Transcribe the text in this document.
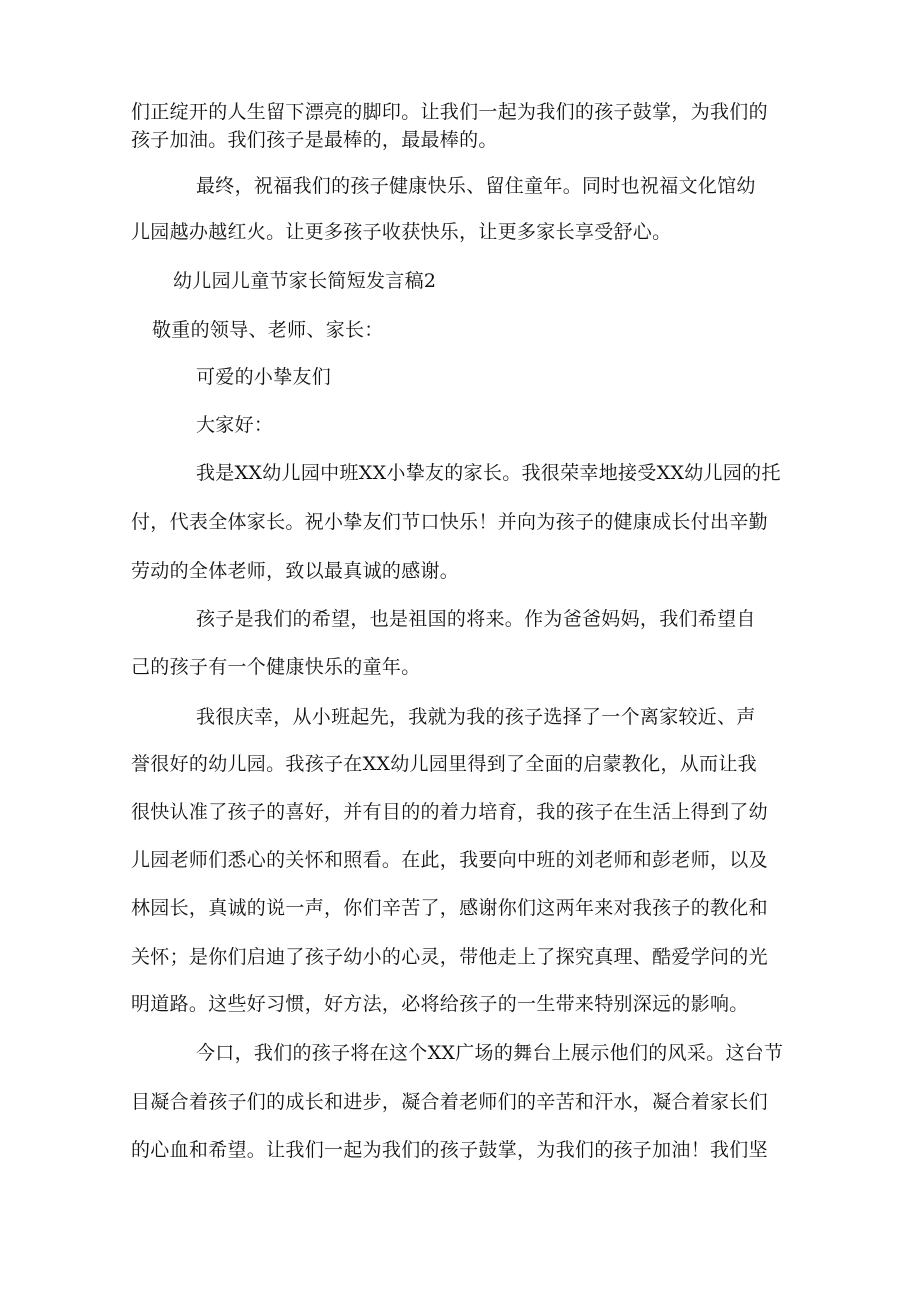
们正绽开的人生留下漂亮的脚印。让我们一起为我们的孩子鼓掌，为我们的
孩子加油。我们孩子是最棒的，最最棒的。
最终，祝福我们的孩子健康快乐、留住童年。同时也祝福文化馆幼
儿园越办越红火。让更多孩子收获快乐，让更多家长享受舒心。
幼儿园儿童节家长简短发言稿2
敬重的领导、老师、家长：
可爱的小挚友们
大家好：
我是XX幼儿园中班XX小挚友的家长。我很荣幸地接受XX幼儿园的托
付，代表全体家长。祝小挚友们节口快乐！并向为孩子的健康成长付出辛勤
劳动的全体老师，致以最真诚的感谢。
孩子是我们的希望，也是祖国的将来。作为爸爸妈妈，我们希望自
己的孩子有一个健康快乐的童年。
我很庆幸，从小班起先，我就为我的孩子选择了一个离家较近、声
誉很好的幼儿园。我孩子在XX幼儿园里得到了全面的启蒙教化，从而让我
很快认准了孩子的喜好，并有目的的着力培育，我的孩子在生活上得到了幼
儿园老师们悉心的关怀和照看。在此，我要向中班的刘老师和彭老师，以及
林园长，真诚的说一声，你们辛苦了，感谢你们这两年来对我孩子的教化和
关怀；是你们启迪了孩子幼小的心灵，带他走上了探究真理、酷爱学问的光
明道路。这些好习惯，好方法，必将给孩子的一生带来特别深远的影响。
今口，我们的孩子将在这个XX广场的舞台上展示他们的风采。这台节
目凝合着孩子们的成长和进步，凝合着老师们的辛苦和汗水，凝合着家长们
的心血和希望。让我们一起为我们的孩子鼓掌，为我们的孩子加油！我们坚
